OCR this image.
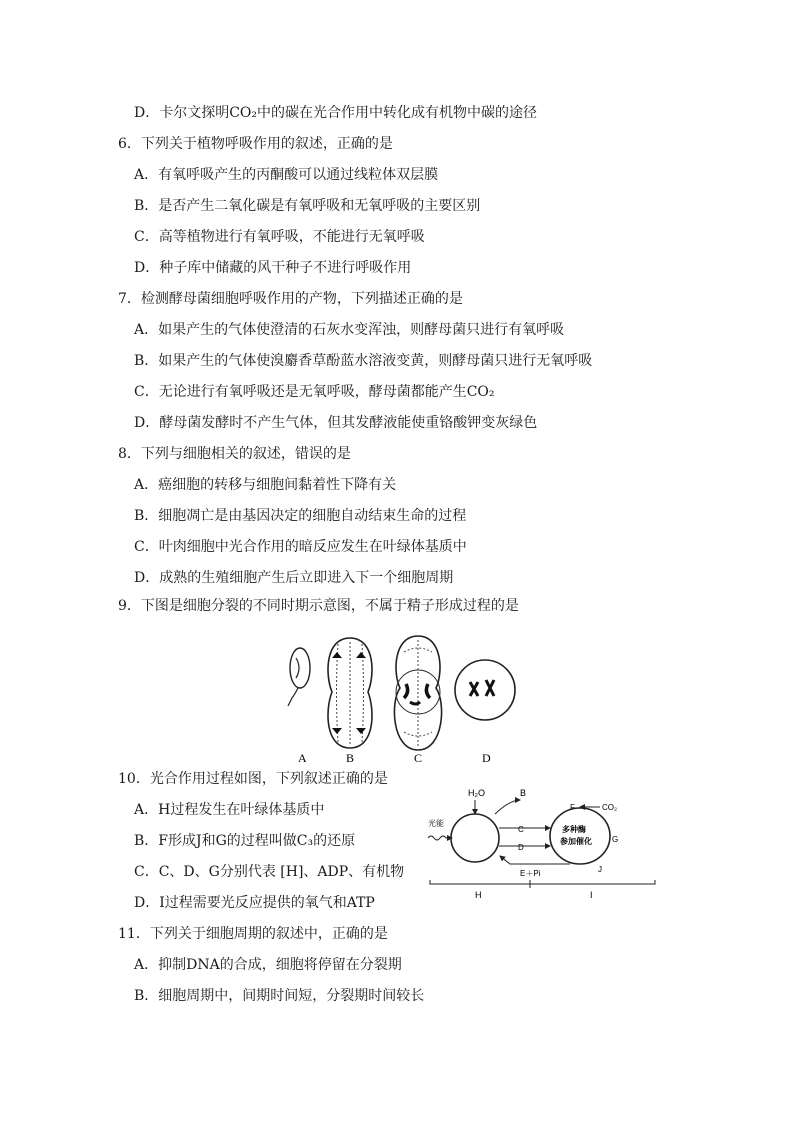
D．卡尔文探明CO₂中的碳在光合作用中转化成有机物中碳的途径
6．下列关于植物呼吸作用的叙述，正确的是
A．有氧呼吸产生的丙酮酸可以通过线粒体双层膜
B．是否产生二氧化碳是有氧呼吸和无氧呼吸的主要区别
C．高等植物进行有氧呼吸，不能进行无氧呼吸
D．种子库中储藏的风干种子不进行呼吸作用
7．检测酵母菌细胞呼吸作用的产物，下列描述正确的是
A．如果产生的气体使澄清的石灰水变浑浊，则酵母菌只进行有氧呼吸
B．如果产生的气体使溴麝香草酚蓝水溶液变黄，则酵母菌只进行无氧呼吸
C．无论进行有氧呼吸还是无氧呼吸，酵母菌都能产生CO₂
D．酵母菌发酵时不产生气体，但其发酵液能使重铬酸钾变灰绿色
8．下列与细胞相关的叙述，错误的是
A．癌细胞的转移与细胞间黏着性下降有关
B．细胞凋亡是由基因决定的细胞自动结束生命的过程
C．叶肉细胞中光合作用的暗反应发生在叶绿体基质中
D．成熟的生殖细胞产生后立即进入下一个细胞周期
9．下图是细胞分裂的不同时期示意图，不属于精子形成过程的是
A	B	C	D
10．光合作用过程如图，下列叙述正确的是
A．H过程发生在叶绿体基质中
B．F形成J和G的过程叫做C₃的还原
C．C、D、G分别代表 [H]、ADP、有机物
D．I过程需要光反应提供的氧气和ATP
H₂O	B
光能
C
D
多种酶
参加催化
F	CO₂
G
J
E＋Pi
H	I
11．下列关于细胞周期的叙述中，正确的是
A．抑制DNA的合成，细胞将停留在分裂期
B．细胞周期中，间期时间短，分裂期时间较长
